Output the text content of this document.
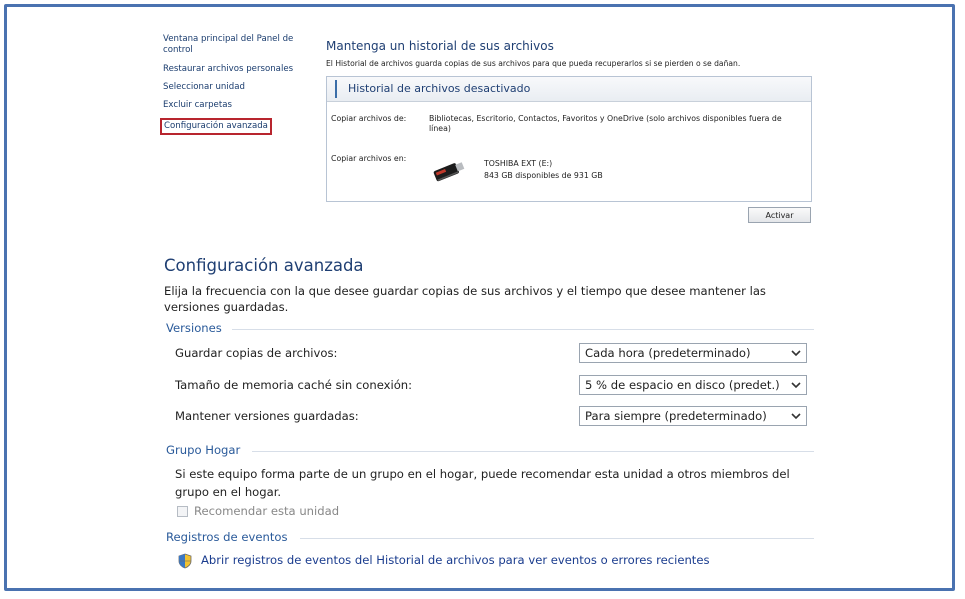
Ventana principal del Panel de control
Restaurar archivos personales
Seleccionar unidad
Excluir carpetas
Configuración avanzada
Mantenga un historial de sus archivos
El Historial de archivos guarda copias de sus archivos para que pueda recuperarlos si se pierden o se dañan.
Historial de archivos desactivado
Copiar archivos de:	Bibliotecas, Escritorio, Contactos, Favoritos y OneDrive (solo archivos disponibles fuera de línea)
Copiar archivos en:
TOSHIBA EXT (E:)
843 GB disponibles de 931 GB
Activar
Configuración avanzada
Elija la frecuencia con la que desee guardar copias de sus archivos y el tiempo que desee mantener las versiones guardadas.
Versiones
Guardar copias de archivos:	Cada hora (predeterminado)
Tamaño de memoria caché sin conexión:	5 % de espacio en disco (predet.)
Mantener versiones guardadas:	Para siempre (predeterminado)
Grupo Hogar
Si este equipo forma parte de un grupo en el hogar, puede recomendar esta unidad a otros miembros del grupo en el hogar.
Recomendar esta unidad
Registros de eventos
Abrir registros de eventos del Historial de archivos para ver eventos o errores recientes
